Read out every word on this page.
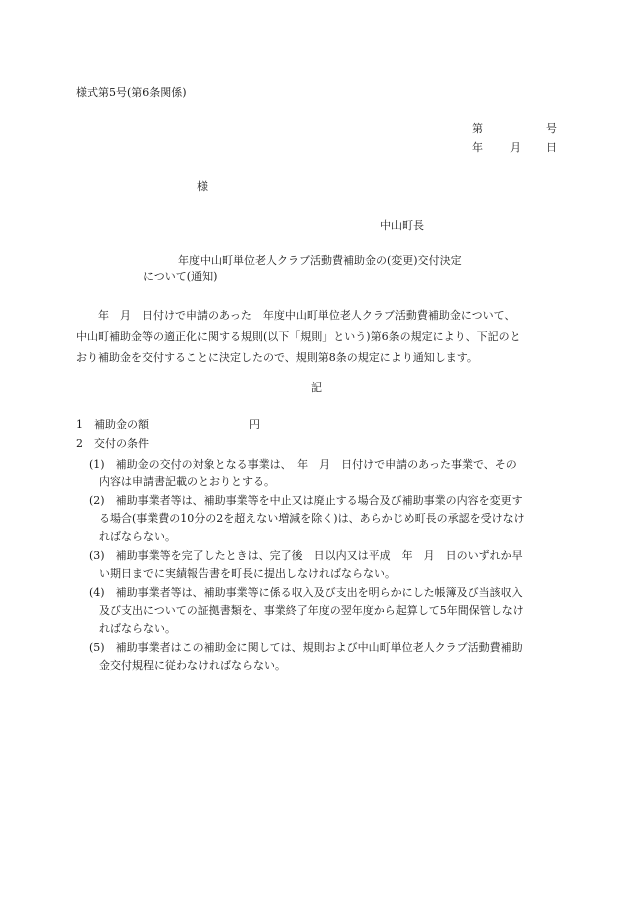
様式第5号(第6条関係)
第	号
年 月 日
様
中山町長
年度中山町単位老人クラブ活動費補助金の(変更)交付決定
について(通知)
年　月　日付けで申請のあった　年度中山町単位老人クラブ活動費補助金について、
中山町補助金等の適正化に関する規則(以下「規則」という)第6条の規定により、下記のと
おり補助金を交付することに決定したので、規則第8条の規定により通知します。
記
1　補助金の額	円
2　交付の条件
(1)　補助金の交付の対象となる事業は、　年　月　日付けで申請のあった事業で、その
内容は申請書記載のとおりとする。
(2)　補助事業者等は、補助事業等を中止又は廃止する場合及び補助事業の内容を変更す
る場合(事業費の10分の2を超えない増減を除く)は、あらかじめ町長の承認を受けなけ
ればならない。
(3)　補助事業等を完了したときは、完了後　日以内又は平成　年　月　日のいずれか早
い期日までに実績報告書を町長に提出しなければならない。
(4)　補助事業者等は、補助事業等に係る収入及び支出を明らかにした帳簿及び当該収入
及び支出についての証拠書類を、事業終了年度の翌年度から起算して5年間保管しなけ
ればならない。
(5)　補助事業者はこの補助金に関しては、規則および中山町単位老人クラブ活動費補助
金交付規程に従わなければならない。
